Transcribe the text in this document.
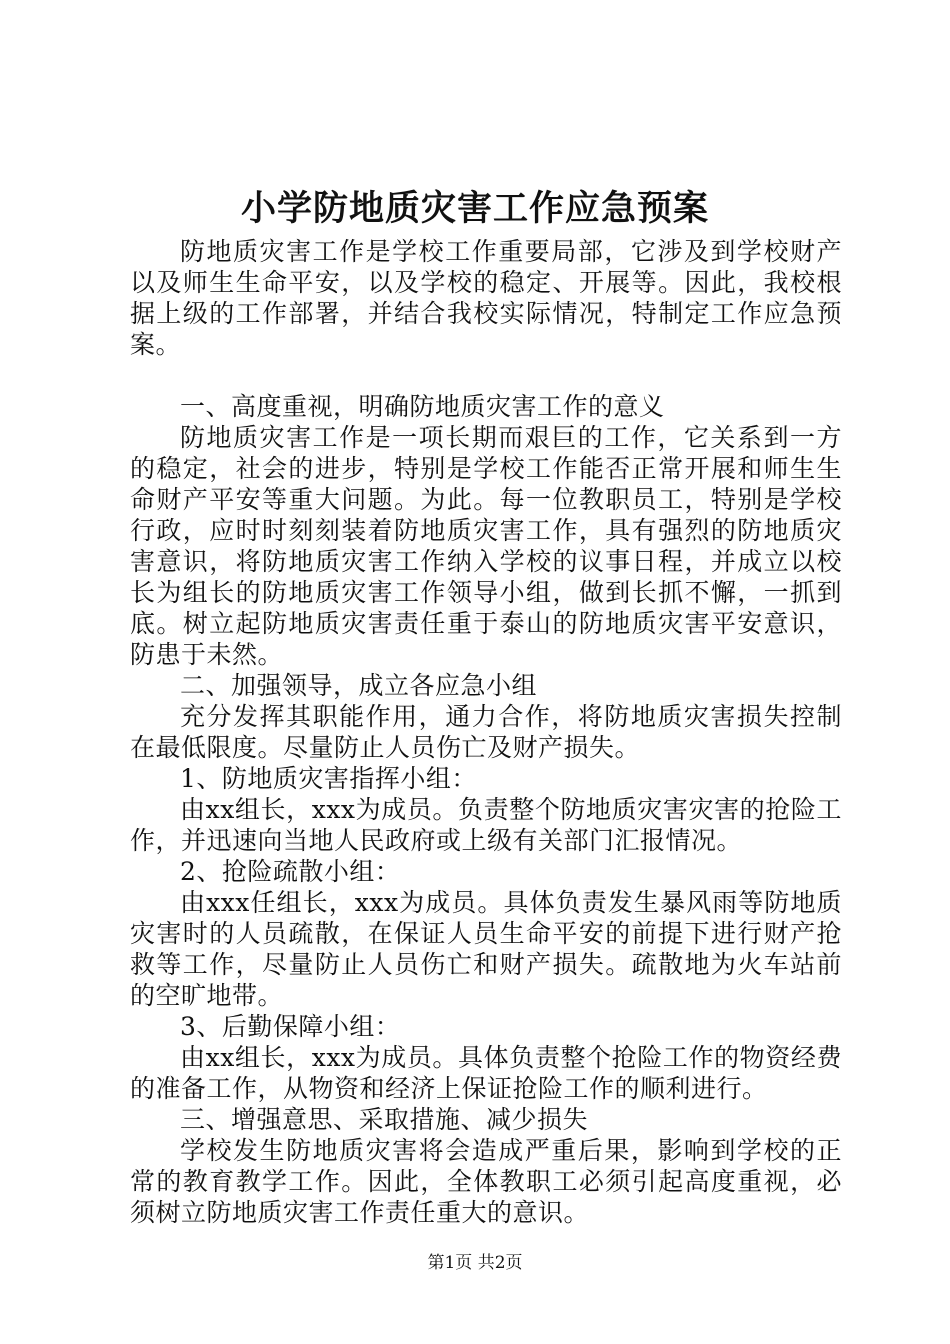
小学防地质灾害工作应急预案

防地质灾害工作是学校工作重要局部，它涉及到学校财产以及师生生命平安，以及学校的稳定、开展等。因此，我校根据上级的工作部署，并结合我校实际情况，特制定工作应急预案。

一、高度重视，明确防地质灾害工作的意义

防地质灾害工作是一项长期而艰巨的工作，它关系到一方的稳定，社会的进步，特别是学校工作能否正常开展和师生生命财产平安等重大问题。为此。每一位教职员工，特别是学校行政，应时时刻刻装着防地质灾害工作，具有强烈的防地质灾害意识，将防地质灾害工作纳入学校的议事日程，并成立以校长为组长的防地质灾害工作领导小组，做到长抓不懈，一抓到底。树立起防地质灾害责任重于泰山的防地质灾害平安意识，防患于未然。

二、加强领导，成立各应急小组

充分发挥其职能作用，通力合作，将防地质灾害损失控制在最低限度。尽量防止人员伤亡及财产损失。

1、防地质灾害指挥小组：

由xx组长，xxx为成员。负责整个防地质灾害灾害的抢险工作，并迅速向当地人民政府或上级有关部门汇报情况。

2、抢险疏散小组：

由xxx任组长，xxx为成员。具体负责发生暴风雨等防地质灾害时的人员疏散，在保证人员生命平安的前提下进行财产抢救等工作，尽量防止人员伤亡和财产损失。疏散地为火车站前的空旷地带。

3、后勤保障小组：

由xx组长，xxx为成员。具体负责整个抢险工作的物资经费的准备工作，从物资和经济上保证抢险工作的顺利进行。

三、增强意思、采取措施、减少损失

学校发生防地质灾害将会造成严重后果，影响到学校的正常的教育教学工作。因此，全体教职工必须引起高度重视，必须树立防地质灾害工作责任重大的意识。

第1页 共2页
